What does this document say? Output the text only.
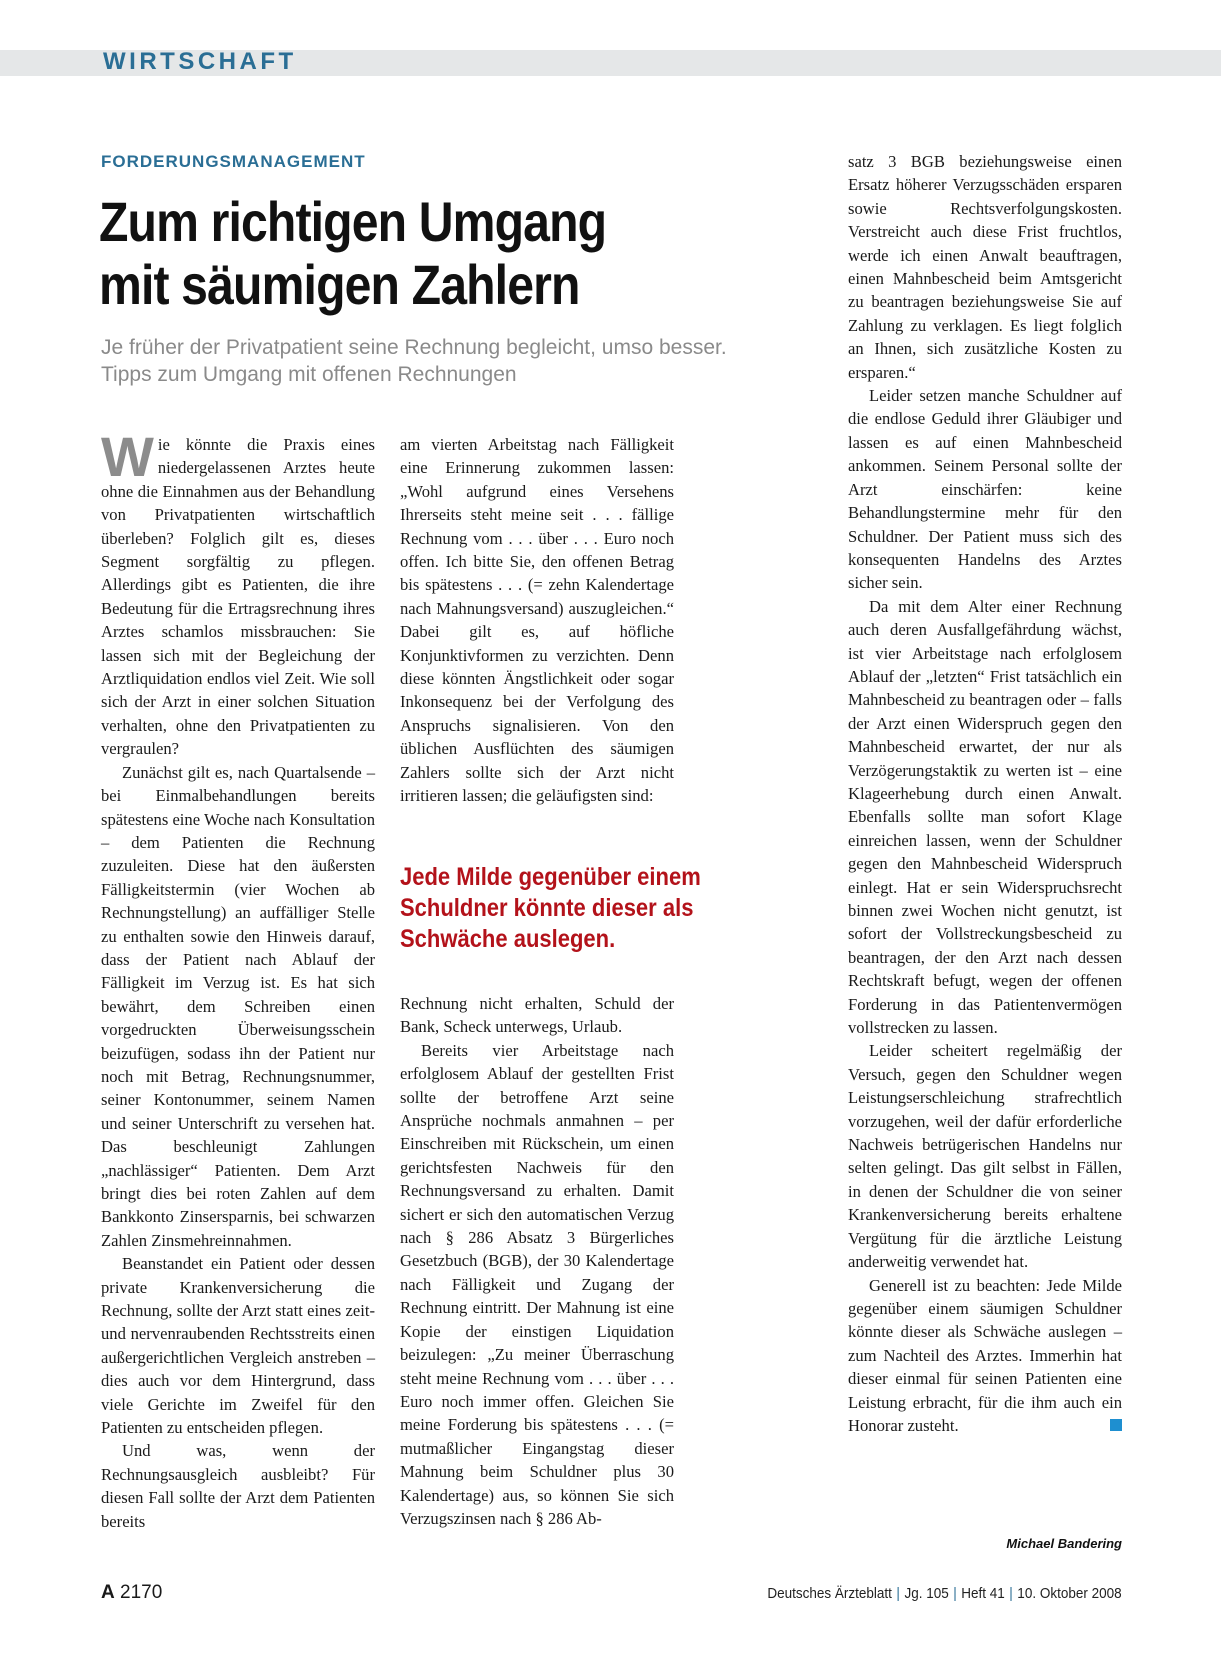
WIRTSCHAFT
FORDERUNGSMANAGEMENT
Zum richtigen Umgang mit säumigen Zahlern

Je früher der Privatpatient seine Rechnung begleicht, umso besser. Tipps zum Umgang mit offenen Rechnungen

Wie könnte die Praxis eines niedergelassenen Arztes heute ohne die Einnahmen aus der Behandlung von Privatpatienten wirtschaftlich überleben? Folglich gilt es, dieses Segment sorgfältig zu pflegen. Allerdings gibt es Patienten, die ihre Bedeutung für die Ertragsrechnung ihres Arztes schamlos missbrauchen: Sie lassen sich mit der Begleichung der Arztliquidation endlos viel Zeit. Wie soll sich der Arzt in einer solchen Situation verhalten, ohne den Privatpatienten zu vergraulen?

Zunächst gilt es, nach Quartalsende – bei Einmalbehandlungen bereits spätestens eine Woche nach Konsultation – dem Patienten die Rechnung zuzuleiten. Diese hat den äußersten Fälligkeitstermin (vier Wochen ab Rechnungstellung) an auffälliger Stelle zu enthalten sowie den Hinweis darauf, dass der Patient nach Ablauf der Fälligkeit im Verzug ist. Es hat sich bewährt, dem Schreiben einen vorgedruckten Überweisungsschein beizufügen, sodass ihn der Patient nur noch mit Betrag, Rechnungsnummer, seiner Kontonummer, seinem Namen und seiner Unterschrift zu versehen hat. Das beschleunigt Zahlungen „nachlässiger“ Patienten. Dem Arzt bringt dies bei roten Zahlen auf dem Bankkonto Zinsersparnis, bei schwarzen Zahlen Zinsmehreinnahmen.

Beanstandet ein Patient oder dessen private Krankenversicherung die Rechnung, sollte der Arzt statt eines zeit- und nervenraubenden Rechtsstreits einen außergerichtlichen Vergleich anstreben – dies auch vor dem Hintergrund, dass viele Gerichte im Zweifel für den Patienten zu entscheiden pflegen.

Und was, wenn der Rechnungsausgleich ausbleibt? Für diesen Fall sollte der Arzt dem Patienten bereits

am vierten Arbeitstag nach Fälligkeit eine Erinnerung zukommen lassen: „Wohl aufgrund eines Versehens Ihrerseits steht meine seit . . . fällige Rechnung vom . . . über . . . Euro noch offen. Ich bitte Sie, den offenen Betrag bis spätestens . . . (= zehn Kalendertage nach Mahnungsversand) auszugleichen.“ Dabei gilt es, auf höfliche Konjunktivformen zu verzichten. Denn diese könnten Ängstlichkeit oder sogar Inkonsequenz bei der Verfolgung des Anspruchs signalisieren. Von den üblichen Ausflüchten des säumigen Zahlers sollte sich der Arzt nicht irritieren lassen; die geläufigsten sind:

Jede Milde gegenüber einem Schuldner könnte dieser als Schwäche auslegen.

Rechnung nicht erhalten, Schuld der Bank, Scheck unterwegs, Urlaub.

Bereits vier Arbeitstage nach erfolglosem Ablauf der gestellten Frist sollte der betroffene Arzt seine Ansprüche nochmals anmahnen – per Einschreiben mit Rückschein, um einen gerichtsfesten Nachweis für den Rechnungsversand zu erhalten. Damit sichert er sich den automatischen Verzug nach § 286 Absatz 3 Bürgerliches Gesetzbuch (BGB), der 30 Kalendertage nach Fälligkeit und Zugang der Rechnung eintritt. Der Mahnung ist eine Kopie der einstigen Liquidation beizulegen: „Zu meiner Überraschung steht meine Rechnung vom . . . über . . . Euro noch immer offen. Gleichen Sie meine Forderung bis spätestens . . . (= mutmaßlicher Eingangstag dieser Mahnung beim Schuldner plus 30 Kalendertage) aus, so können Sie sich Verzugszinsen nach § 286 Ab-

satz 3 BGB beziehungsweise einen Ersatz höherer Verzugsschäden ersparen sowie Rechtsverfolgungskosten. Verstreicht auch diese Frist fruchtlos, werde ich einen Anwalt beauftragen, einen Mahnbescheid beim Amtsgericht zu beantragen beziehungsweise Sie auf Zahlung zu verklagen. Es liegt folglich an Ihnen, sich zusätzliche Kosten zu ersparen.“

Leider setzen manche Schuldner auf die endlose Geduld ihrer Gläubiger und lassen es auf einen Mahnbescheid ankommen. Seinem Personal sollte der Arzt einschärfen: keine Behandlungstermine mehr für den Schuldner. Der Patient muss sich des konsequenten Handelns des Arztes sicher sein.

Da mit dem Alter einer Rechnung auch deren Ausfallgefährdung wächst, ist vier Arbeitstage nach erfolglosem Ablauf der „letzten“ Frist tatsächlich ein Mahnbescheid zu beantragen oder – falls der Arzt einen Widerspruch gegen den Mahnbescheid erwartet, der nur als Verzögerungstaktik zu werten ist – eine Klageerhebung durch einen Anwalt. Ebenfalls sollte man sofort Klage einreichen lassen, wenn der Schuldner gegen den Mahnbescheid Widerspruch einlegt. Hat er sein Widerspruchsrecht binnen zwei Wochen nicht genutzt, ist sofort der Vollstreckungsbescheid zu beantragen, der den Arzt nach dessen Rechtskraft befugt, wegen der offenen Forderung in das Patientenvermögen vollstrecken zu lassen.

Leider scheitert regelmäßig der Versuch, gegen den Schuldner wegen Leistungserschleichung strafrechtlich vorzugehen, weil der dafür erforderliche Nachweis betrügerischen Handelns nur selten gelingt. Das gilt selbst in Fällen, in denen der Schuldner die von seiner Krankenversicherung bereits erhaltene Vergütung für die ärztliche Leistung anderweitig verwendet hat.

Generell ist zu beachten: Jede Milde gegenüber einem säumigen Schuldner könnte dieser als Schwäche auslegen – zum Nachteil des Arztes. Immerhin hat dieser einmal für seinen Patienten eine Leistung erbracht, für die ihm auch ein Honorar zusteht.

Michael Bandering
A 2170	Deutsches Ärzteblatt | Jg. 105 | Heft 41 | 10. Oktober 2008
